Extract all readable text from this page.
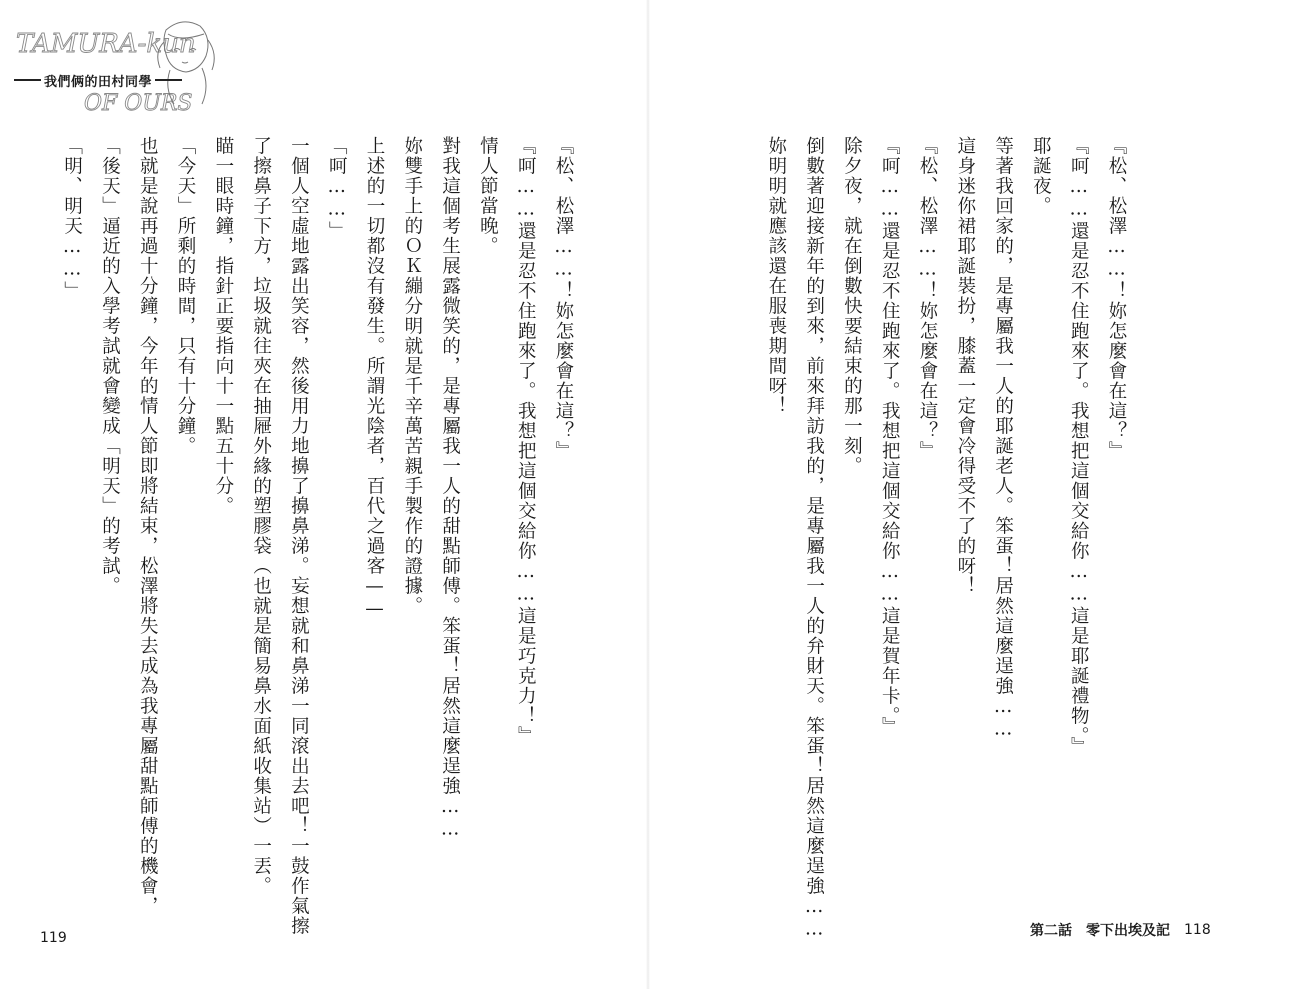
TAMURA-kun
OF OURS
我們俩的田村同學

『松、松澤……！妳怎麼會在這？』

『呵……還是忍不住跑來了。我想把這個交給你……這是耶誕禮物。』

耶誕夜。

等著我回家的，是專屬我一人的耶誕老人。笨蛋！居然這麼逞強……

這身迷你裙耶誕裝扮，膝蓋一定會冷得受不了的呀！

『松、松澤……！妳怎麼會在這？』

『呵……還是忍不住跑來了。我想把這個交給你……這是賀年卡。』

除夕夜，就在倒數快要結束的那一刻。

倒數著迎接新年的到來，前來拜訪我的，是專屬我一人的弁財天。笨蛋！居然這麼逞強……

妳明明就應該還在服喪期間呀！

『松、松澤……！妳怎麼會在這？』

『呵……還是忍不住跑來了。我想把這個交給你……這是巧克力！』

情人節當晚。

對我這個考生展露微笑的，是專屬我一人的甜點師傅。笨蛋！居然這麼逞強……

妳雙手上的ＯＫ繃分明就是千辛萬苦親手製作的證據。

上述的一切都沒有發生。所謂光陰者，百代之過客——

「呵……」

一個人空虛地露出笑容，然後用力地擤了擤鼻涕。妄想就和鼻涕一同滾出去吧！一鼓作氣擦

了擦鼻子下方，垃圾就往夾在抽屜外緣的塑膠袋（也就是簡易鼻水面紙收集站）一丟。

瞄一眼時鐘，指針正要指向十一點五十分。

「今天」所剩的時間，只有十分鐘。

也就是說再過十分鐘，今年的情人節即將結束，松澤將失去成為我專屬甜點師傅的機會，

「後天」逼近的入學考試就會變成「明天」的考試。

「明、明天……」

119	第二話　零下出埃及記 118
